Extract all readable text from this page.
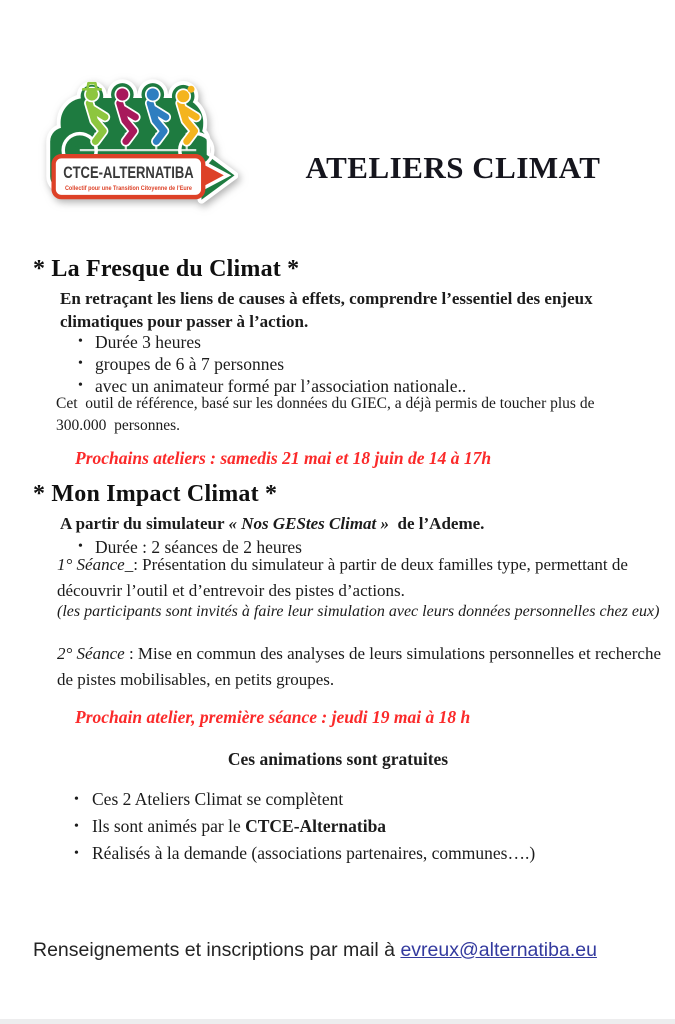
CTCE-ALTERNATIBA
Collectif pour une Transition Citoyenne de l’Eure
ATELIERS CLIMAT
* La Fresque du Climat *
En retraçant les liens de causes à effets, comprendre l’essentiel des enjeux climatiques pour passer à l’action.
• Durée 3 heures
• groupes de 6 à 7 personnes
• avec un animateur formé par l’association nationale..
Cet  outil de référence, basé sur les données du GIEC, a déjà permis de toucher plus de 300.000  personnes.
Prochains ateliers : samedis 21 mai et 18 juin de 14 à 17h
* Mon Impact Climat *
A partir du simulateur « Nos GEStes Climat »  de l’Ademe.
• Durée : 2 séances de 2 heures
1° Séance_: Présentation du simulateur à partir de deux familles type, permettant de découvrir l’outil et d’entrevoir des pistes d’actions.
(les participants sont invités à faire leur simulation avec leurs données personnelles chez eux)
2° Séance : Mise en commun des analyses de leurs simulations personnelles et recherche de pistes mobilisables, en petits groupes.
Prochain atelier, première séance : jeudi 19 mai à 18 h
Ces animations sont gratuites
• Ces 2 Ateliers Climat se complètent
• Ils sont animés par le CTCE-Alternatiba
• Réalisés à la demande (associations partenaires, communes….)
Renseignements et inscriptions par mail à evreux@alternatiba.eu
